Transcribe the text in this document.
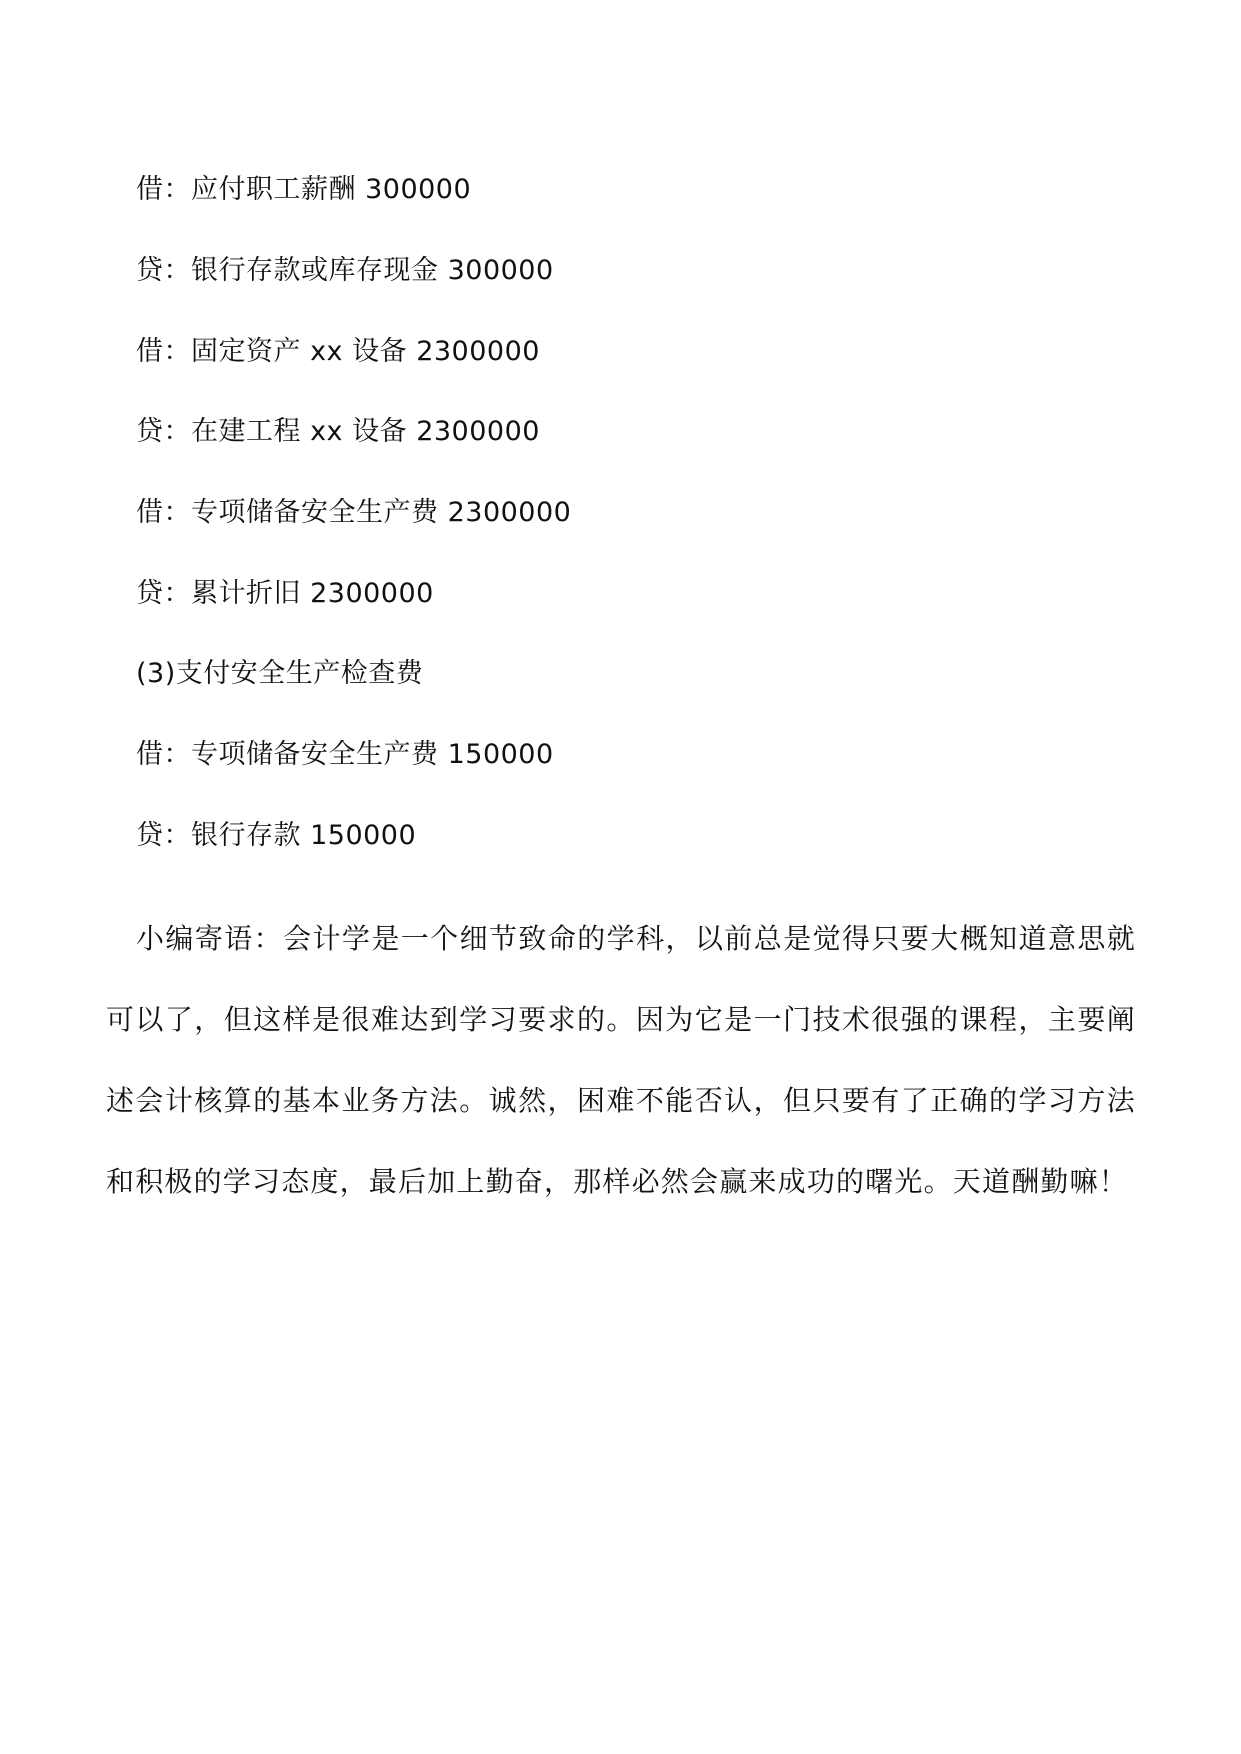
借：应付职工薪酬 300000
贷：银行存款或库存现金 300000
借：固定资产 xx 设备 2300000
贷：在建工程 xx 设备 2300000
借：专项储备安全生产费 2300000
贷：累计折旧 2300000
(3)支付安全生产检查费
借：专项储备安全生产费 150000
贷：银行存款 150000
小编寄语：会计学是一个细节致命的学科，以前总是觉得只要大概知道意思就可以了，但这样是很难达到学习要求的。因为它是一门技术很强的课程，主要阐述会计核算的基本业务方法。诚然，困难不能否认，但只要有了正确的学习方法和积极的学习态度，最后加上勤奋，那样必然会赢来成功的曙光。天道酬勤嘛！
